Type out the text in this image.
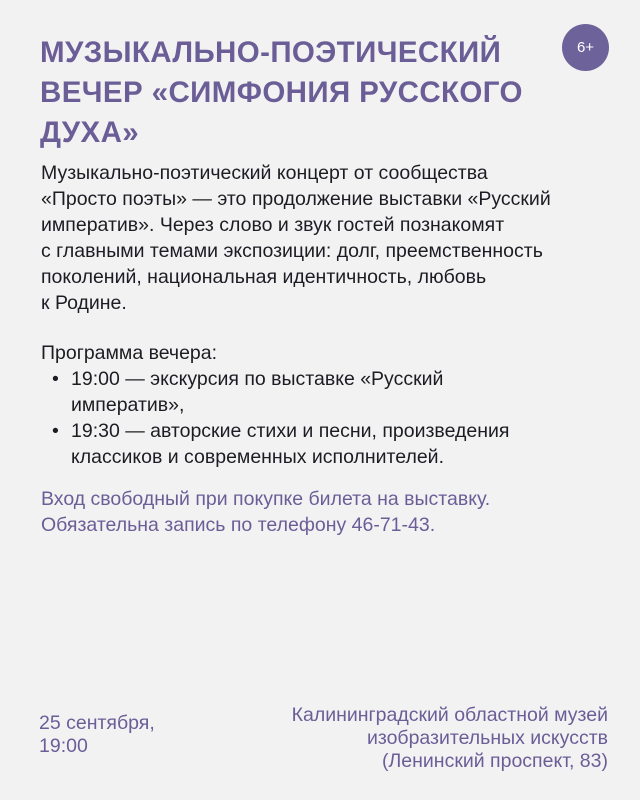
МУЗЫКАЛЬНО-ПОЭТИЧЕСКИЙ
ВЕЧЕР «СИМФОНИЯ РУССКОГО
ДУХА»
6+

Музыкально-поэтический концерт от сообщества
«Просто поэты» — это продолжение выставки «Русский
императив». Через слово и звук гостей познакомят
с главными темами экспозиции: долг, преемственность
поколений, национальная идентичность, любовь
к Родине.

Программа вечера:

• 19:00 — экскурсия по выставке «Русский
императив»,
• 19:30 — авторские стихи и песни, произведения
классиков и современных исполнителей.

Вход свободный при покупке билета на выставку.
Обязательна запись по телефону 46-71-43.

25 сентября,
19:00

Калининградский областной музей
изобразительных искусств
(Ленинский проспект, 83)
